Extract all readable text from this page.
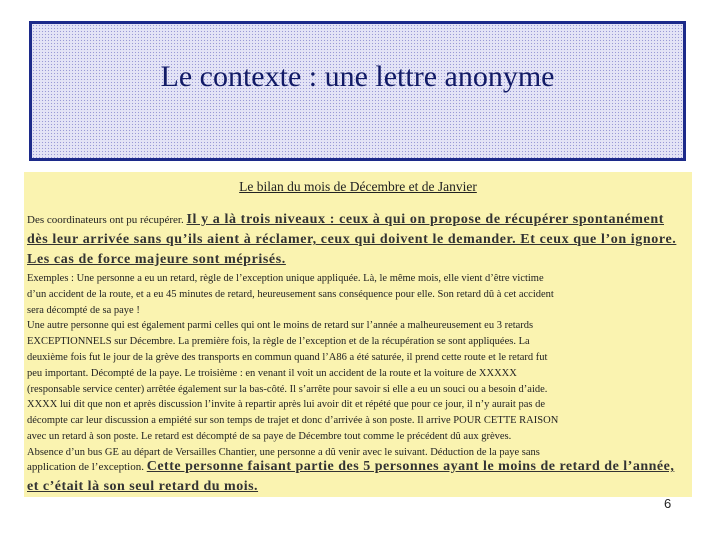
Le contexte : une lettre anonyme

Le bilan du mois de Décembre et de Janvier

Des coordinateurs ont pu récupérer. Il y a là trois niveaux : ceux à qui on propose de récupérer spontanément dès leur arrivée sans qu’ils aient à réclamer, ceux qui doivent le demander. Et ceux que l’on ignore. Les cas de force majeure sont méprisés.

Exemples : Une personne a eu un retard, règle de l’exception unique appliquée. Là, le même mois, elle vient d’être victime
d’un accident de la route, et a eu 45 minutes de retard, heureusement sans conséquence pour elle. Son retard dû à cet accident
sera décompté de sa paye !
Une autre personne qui est également parmi celles qui ont le moins de retard sur l’année a malheureusement eu 3 retards
EXCEPTIONNELS sur Décembre. La première fois, la règle de l’exception et de la récupération se sont appliquées. La
deuxième fois fut le jour de la grève des transports en commun quand l’A86 a été saturée, il prend cette route et le retard fut
peu important. Décompté de la paye. Le troisième : en venant il voit un accident de la route et la voiture de XXXXX
(responsable service center) arrêtée également sur la bas-côté. Il s’arrête pour savoir si elle a eu un souci ou a besoin d’aide.
XXXX lui dit que non et après discussion l’invite à repartir après lui avoir dit et répété que pour ce jour, il n’y aurait pas de
décompte car leur discussion a empiété sur son temps de trajet et donc d’arrivée à son poste. Il arrive POUR CETTE RAISON
avec un retard à son poste. Le retard est décompté de sa paye de Décembre tout comme le précédent dû aux grèves.
Absence d’un bus GE au départ de Versailles Chantier, une personne a dû venir avec le suivant. Déduction de la paye sans

application de l’exception. Cette personne faisant partie des 5 personnes ayant le moins de retard de l’année, et c’était là son seul retard du mois.

6
